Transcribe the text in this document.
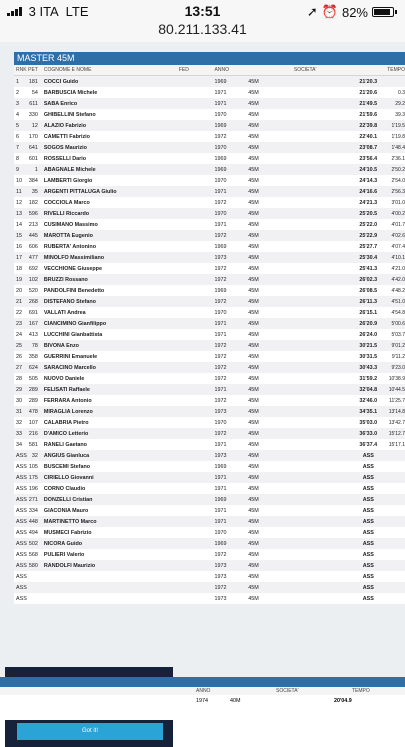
3 ITA LTE	13:51	➚ ⏰ 82%
80.211.133.41
MASTER 45M
RNK PET	COGNOME E NOME	FED	ANNO	SOCIETA'	TEMPO
1	181	COCCI Guido	1969	45M	21'20.3
2	54	BARBUSCIA Michele	1971	45M	21'20.6	0.3
3	611	SABA Enrico	1971	45M	21'49.5	29.2
4	330	GHIBELLINI Stefano	1970	45M	21'59.6	39.3
5	12	ALAZIO Fabrizio	1969	45M	22'39.8	1'19.5
6	170	CAMETTI Fabrizio	1972	45M	22'40.1	1'19.8
7	641	SOGOS Maurizio	1970	45M	23'08.7	1'48.4
8	601	ROSSELLI Dario	1969	45M	23'56.4	2'36.1
9	1	ABAGNALE Michele	1969	45M	24'10.5	2'50.2
10	384	LAMBERTI Giorgio	1970	45M	24'14.3	2'54.0
11	35	ARGENTI PITTALUGA Giulio	1971	45M	24'16.6	2'56.3
12	182	COCCIOLA Marco	1972	45M	24'21.3	3'01.0
13	596	RIVELLI Riccardo	1970	45M	25'20.5	4'00.2
14	213	CUSIMANO Massimo	1971	45M	25'22.0	4'01.7
15	445	MAROTTA Eugenio	1972	45M	25'22.9	4'02.6
16	606	RUBERTA' Antonino	1969	45M	25'27.7	4'07.4
17	477	MINOLFO Massimiliano	1973	45M	25'30.4	4'10.1
18	692	VECCHIONE Giuseppe	1972	45M	25'41.3	4'21.0
19	102	BRUZZI Rossano	1972	45M	26'02.3	4'42.0
20	520	PANDOLFINI Benedetto	1969	45M	26'08.5	4'48.2
21	268	DISTEFANO Stefano	1972	45M	26'11.3	4'51.0
22	691	VALLATI Andrea	1970	45M	26'15.1	4'54.8
23	167	CIANCIMINO Gianfilippo	1971	45M	26'20.9	5'00.6
24	413	LUCCHINI Gianbattista	1971	45M	26'24.0	5'03.7
25	78	BIVONA Enzo	1972	45M	30'21.5	9'01.2
26	358	GUERRINI Emanuele	1972	45M	30'31.5	9'11.2
27	624	SARACINO Marcello	1972	45M	30'43.3	9'23.0
28	505	NUOVO Daniele	1972	45M	31'59.2	10'38.9
29	289	FELISATI Raffaele	1971	45M	32'04.8	10'44.5
30	289	FERRARA Antonio	1972	45M	32'46.0	11'25.7
31	478	MIRAGLIA Lorenzo	1973	45M	34'35.1	13'14.8
32	107	CALABRIA Pietro	1970	45M	35'03.0	13'42.7
33	216	D'AMICO Letterio	1972	45M	36'33.0	15'12.7
34	581	RANELI Gaetano	1971	45M	36'37.4	15'17.1
ASS 32	ANGIUS Gianluca	1973	45M	ASS
ASS 105	BUSCEMI Stefano	1969	45M	ASS
ASS 175	CIRIELLO Giovanni	1971	45M	ASS
ASS 196	CORNO Claudio	1971	45M	ASS
ASS 271	DONZELLI Cristian	1969	45M	ASS
ASS 334	GIACONIA Mauro	1971	45M	ASS
ASS 448	MARTINETTO Marco	1971	45M	ASS
ASS 494	MUSMECI Fabrizio	1970	45M	ASS
ASS 502	NICORA Guido	1969	45M	ASS
ASS 568	PULIERI Valerio	1972	45M	ASS
ASS 580	RANDOLFI Maurizio	1973	45M	ASS
ASS	1973	45M	ASS
ASS	1972	45M	ASS
ASS	1973	45M	ASS
Got it!
ANNO	SOCIETA'	TEMPO
1974	40M	20'04.9
